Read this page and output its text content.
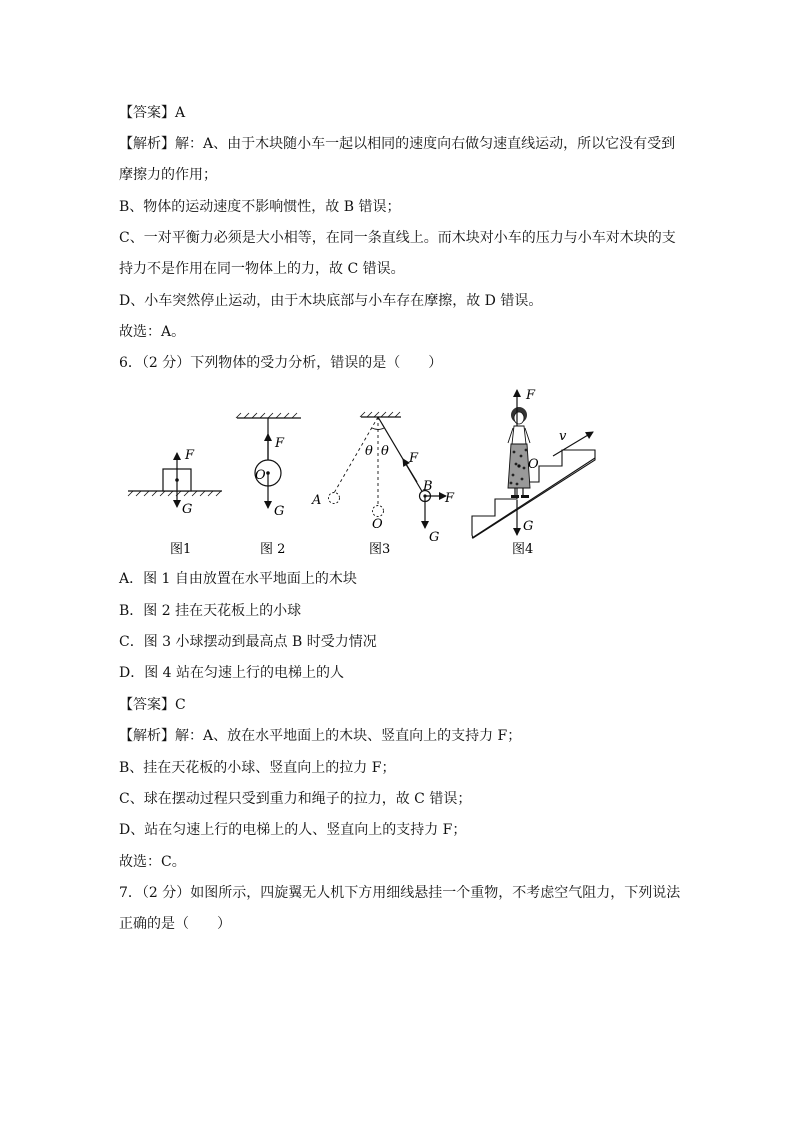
【答案】A
【解析】解：A、由于木块随小车一起以相同的速度向右做匀速直线运动，所以它没有受到
摩擦力的作用；
B、物体的运动速度不影响惯性，故 B 错误；
C、一对平衡力必须是大小相等，在同一条直线上。而木块对小车的压力与小车对木块的支
持力不是作用在同一物体上的力，故 C 错误。
D、小车突然停止运动，由于木块底部与小车存在摩擦，故 D 错误。
故选：A。
6．（2 分）下列物体的受力分析，错误的是（　　）
F
G
F
O
G
θ θ F
B
F
A
O
G
v
F
O
G
图1	图 2	图3	图4
A．图 1 自由放置在水平地面上的木块
B．图 2 挂在天花板上的小球
C．图 3 小球摆动到最高点 B 时受力情况
D．图 4 站在匀速上行的电梯上的人
【答案】C
【解析】解：A、放在水平地面上的木块、竖直向上的支持力 F；
B、挂在天花板的小球、竖直向上的拉力 F；
C、球在摆动过程只受到重力和绳子的拉力，故 C 错误；
D、站在匀速上行的电梯上的人、竖直向上的支持力 F；
故选：C。
7．（2 分）如图所示，四旋翼无人机下方用细线悬挂一个重物，不考虑空气阻力，下列说法
正确的是（　　）
